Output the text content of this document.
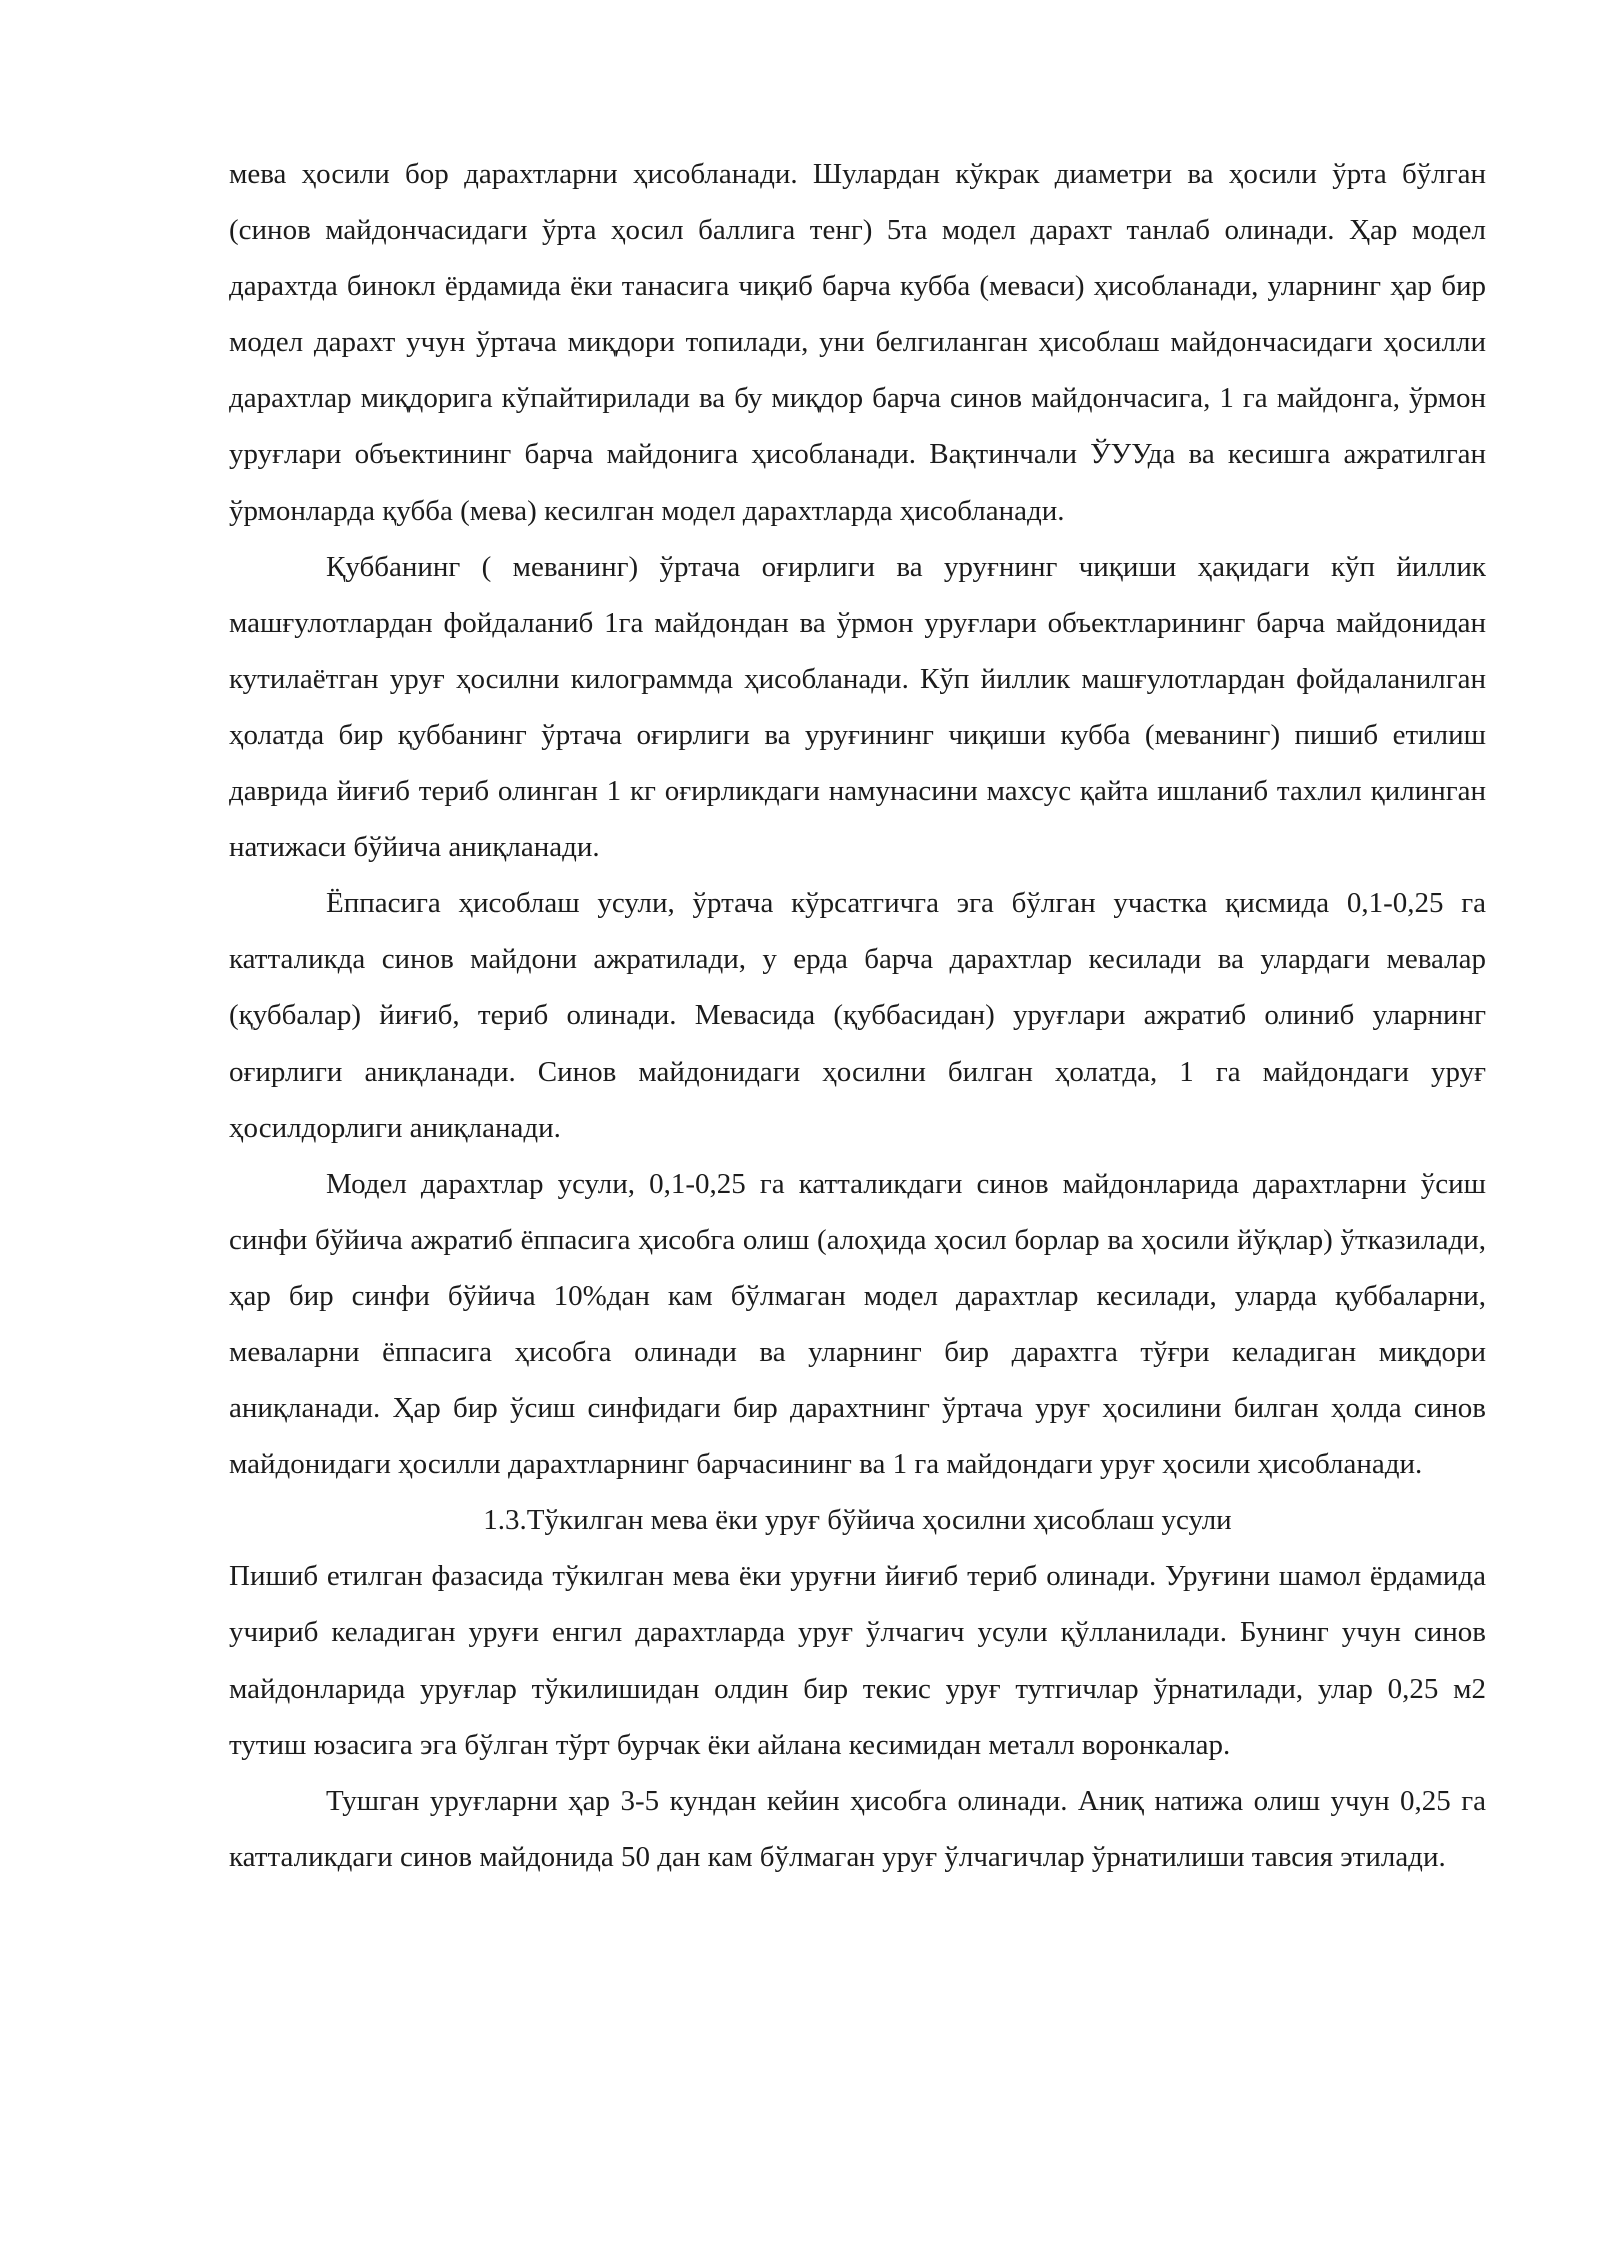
мева ҳосили бор дарахтларни ҳисобланади. Шулардан кўкрак диаметри ва ҳосили ўрта бўлган (синов майдончасидаги ўрта ҳосил баллига тенг) 5та модел дарахт танлаб олинади. Ҳар модел дарахтда бинокл ёрдамида ёки танасига чиқиб барча кубба (меваси) ҳисобланади, уларнинг ҳар бир модел дарахт учун ўртача миқдори топилади, уни белгиланган ҳисоблаш майдончасидаги ҳосилли дарахтлар миқдорига кўпайтирилади ва бу миқдор барча синов майдончасига, 1 га майдонга, ўрмон уруғлари объектининг барча майдонига ҳисобланади. Вақтинчали ЎУУда ва кесишга ажратилган ўрмонларда қубба (мева) кесилган модел дарахтларда ҳисобланади.

Қуббанинг ( меванинг) ўртача оғирлиги ва уруғнинг чиқиши ҳақидаги кўп йиллик машғулотлардан фойдаланиб 1га майдондан ва ўрмон уруғлари объектларининг барча майдонидан кутилаётган уруғ ҳосилни килограммда ҳисобланади. Кўп йиллик машғулотлардан фойдаланилган ҳолатда бир қуббанинг ўртача оғирлиги ва уруғининг чиқиши кубба (меванинг) пишиб етилиш даврида йиғиб териб олинган 1 кг оғирликдаги намунасини махсус қайта ишланиб тахлил қилинган натижаси бўйича аниқланади.

Ёппасига ҳисоблаш усули, ўртача кўрсатгичга эга бўлган участка қисмида 0,1-0,25 га катталикда синов майдони ажратилади, у ерда барча дарахтлар кесилади ва улардаги мевалар (қуббалар) йиғиб, териб олинади. Мевасида (қуббасидан) уруғлари ажратиб олиниб уларнинг оғирлиги аниқланади. Синов майдонидаги ҳосилни билган ҳолатда, 1 га майдондаги уруғ ҳосилдорлиги аниқланади.

Модел дарахтлар усули, 0,1-0,25 га катталикдаги синов майдонларида дарахтларни ўсиш синфи бўйича ажратиб ёппасига ҳисобга олиш (алоҳида ҳосил борлар ва ҳосили йўқлар) ўтказилади, ҳар бир синфи бўйича 10%дан кам бўлмаган модел дарахтлар кесилади, уларда қуббаларни, меваларни ёппасига ҳисобга олинади ва уларнинг бир дарахтга тўғри келадиган миқдори аниқланади. Ҳар бир ўсиш синфидаги бир дарахтнинг ўртача уруғ ҳосилини билган ҳолда синов майдонидаги ҳосилли дарахтларнинг барчасининг ва 1 га майдондаги уруғ ҳосили ҳисобланади.

1.3.Тўкилган мева ёки уруғ бўйича ҳосилни ҳисоблаш усули

Пишиб етилган фазасида тўкилган мева ёки уруғни йиғиб териб олинади. Уруғини шамол ёрдамида учириб келадиган уруғи енгил дарахтларда уруғ ўлчагич усули қўлланилади. Бунинг учун синов майдонларида уруғлар тўкилишидан олдин бир текис уруғ тутгичлар ўрнатилади, улар 0,25 м2 тутиш юзасига эга бўлган тўрт бурчак ёки айлана кесимидан металл воронкалар.

Тушган уруғларни ҳар 3-5 кундан кейин ҳисобга олинади. Аниқ натижа олиш учун 0,25 га катталикдаги синов майдонида 50 дан кам бўлмаган уруғ ўлчагичлар ўрнатилиши тавсия этилади.
